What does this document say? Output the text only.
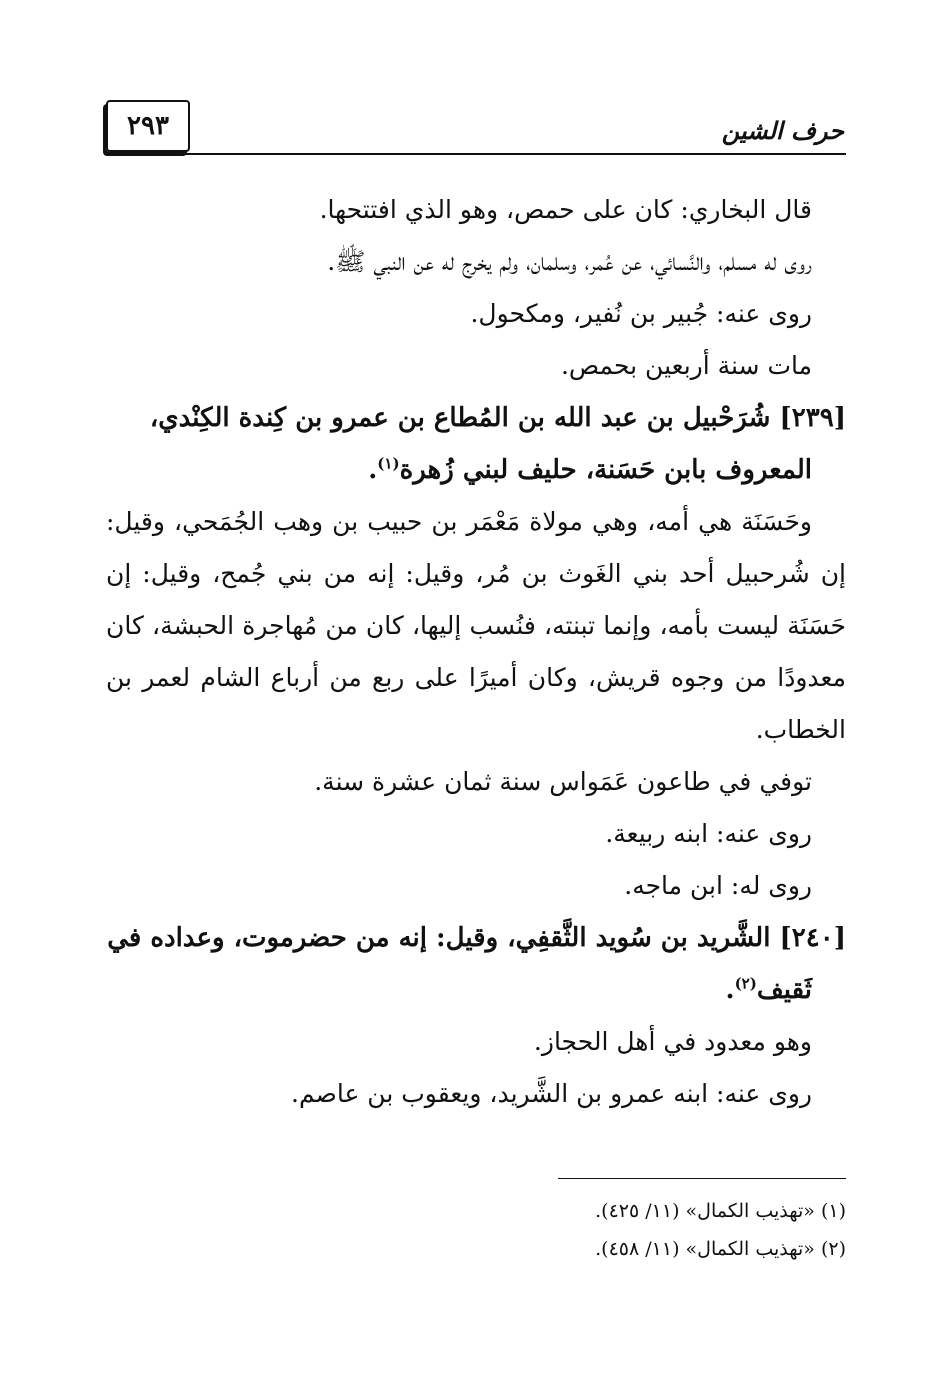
٢٩٣	حرف الشين

قال البخاري: كان على حمص، وهو الذي افتتحها.

روى له مسلم، والنَّسائي، عن عُمر، وسلمان، ولم يخرج له عن النبي ﷺ.

روى عنه: جُبير بن نُفير، ومكحول.

مات سنة أربعين بحمص.

[٢٣٩] شُرَحْبيل بن عبد الله بن المُطاع بن عمرو بن كِندة الكِنْدي،
المعروف بابن حَسَنة، حليف لبني زُهرة$^{(١)}$.

وحَسَنَة هي أمه، وهي مولاة مَعْمَر بن حبيب بن وهب الجُمَحي، وقيل: إن شُرحبيل أحد بني الغَوث بن مُر، وقيل: إنه من بني جُمح، وقيل: إن حَسَنَة ليست بأمه، وإنما تبنته، فنُسب إليها، كان من مُهاجرة الحبشة، كان معدودًا من وجوه قريش، وكان أميرًا على ربع من أرباع الشام لعمر بن الخطاب.

توفي في طاعون عَمَواس سنة ثمان عشرة سنة.

روى عنه: ابنه ربيعة.

روى له: ابن ماجه.

[٢٤٠] الشَّريد بن سُويد الثَّقفِي، وقيل: إنه من حضرموت، وعداده في
ثَقيف$^{(٢)}$.

وهو معدود في أهل الحجاز.

روى عنه: ابنه عمرو بن الشَّريد، ويعقوب بن عاصم.

(١) «تهذيب الكمال» (١١/ ٤٢٥).

(٢) «تهذيب الكمال» (١١/ ٤٥٨).
